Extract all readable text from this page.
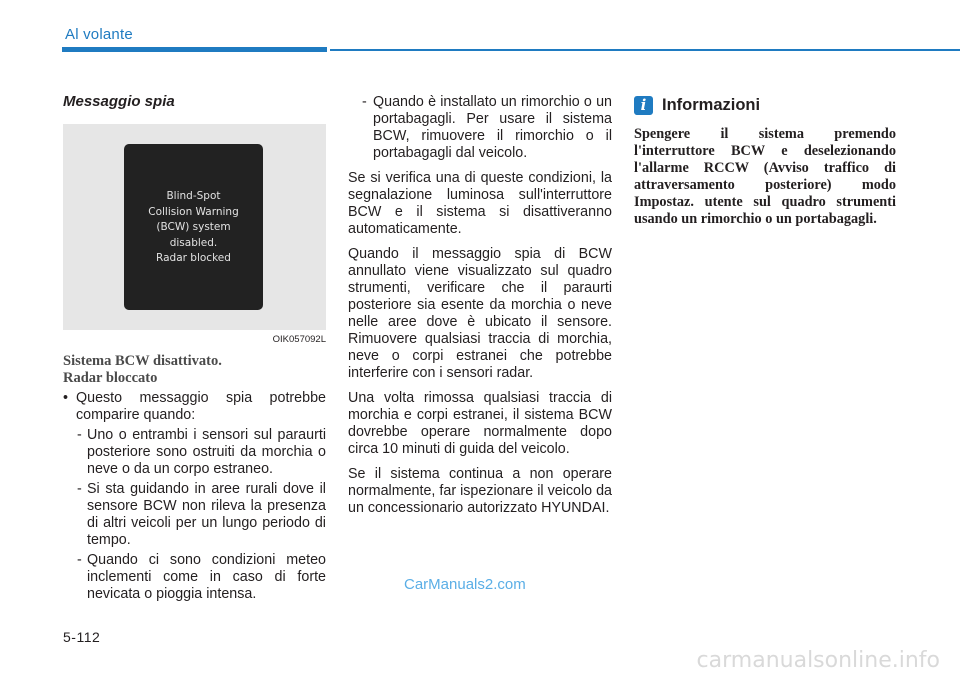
Al volante
Messaggio spia
Blind-Spot
Collision Warning
(BCW) system
disabled.
Radar blocked
OIK057092L
Sistema BCW disattivato.
Radar bloccato
• Questo messaggio spia potrebbe comparire quando:
- Uno o entrambi i sensori sul paraurti posteriore sono ostruiti da morchia o neve o da un corpo estraneo.
- Si sta guidando in aree rurali dove il sensore BCW non rileva la presenza di altri veicoli per un lungo periodo di tempo.
- Quando ci sono condizioni meteo inclementi come in caso di forte nevicata o pioggia intensa.
- Quando è installato un rimorchio o un portabagagli. Per usare il sistema BCW, rimuovere il rimorchio o il portabagagli dal veicolo.

Se si verifica una di queste condizioni, la segnalazione luminosa sull'interruttore BCW e il sistema si disattiveranno automaticamente.

Quando il messaggio spia di BCW annullato viene visualizzato sul quadro strumenti, verificare che il paraurti posteriore sia esente da morchia o neve nelle aree dove è ubicato il sensore. Rimuovere qualsiasi traccia di morchia, neve o corpi estranei che potrebbe interferire con i sensori radar.

Una volta rimossa qualsiasi traccia di morchia e corpi estranei, il sistema BCW dovrebbe operare normalmente dopo circa 10 minuti di guida del veicolo.

Se il sistema continua a non operare normalmente, far ispezionare il veicolo da un concessionario autorizzato HYUNDAI.

i Informazioni

Spengere il sistema premendo l'interruttore BCW e deselezionando l'allarme RCCW (Avviso traffico di attraversamento posteriore) modo Impostaz. utente sul quadro strumenti usando un rimorchio o un portabagagli.

CarManuals2.com
5-112
carmanualsonline.info
